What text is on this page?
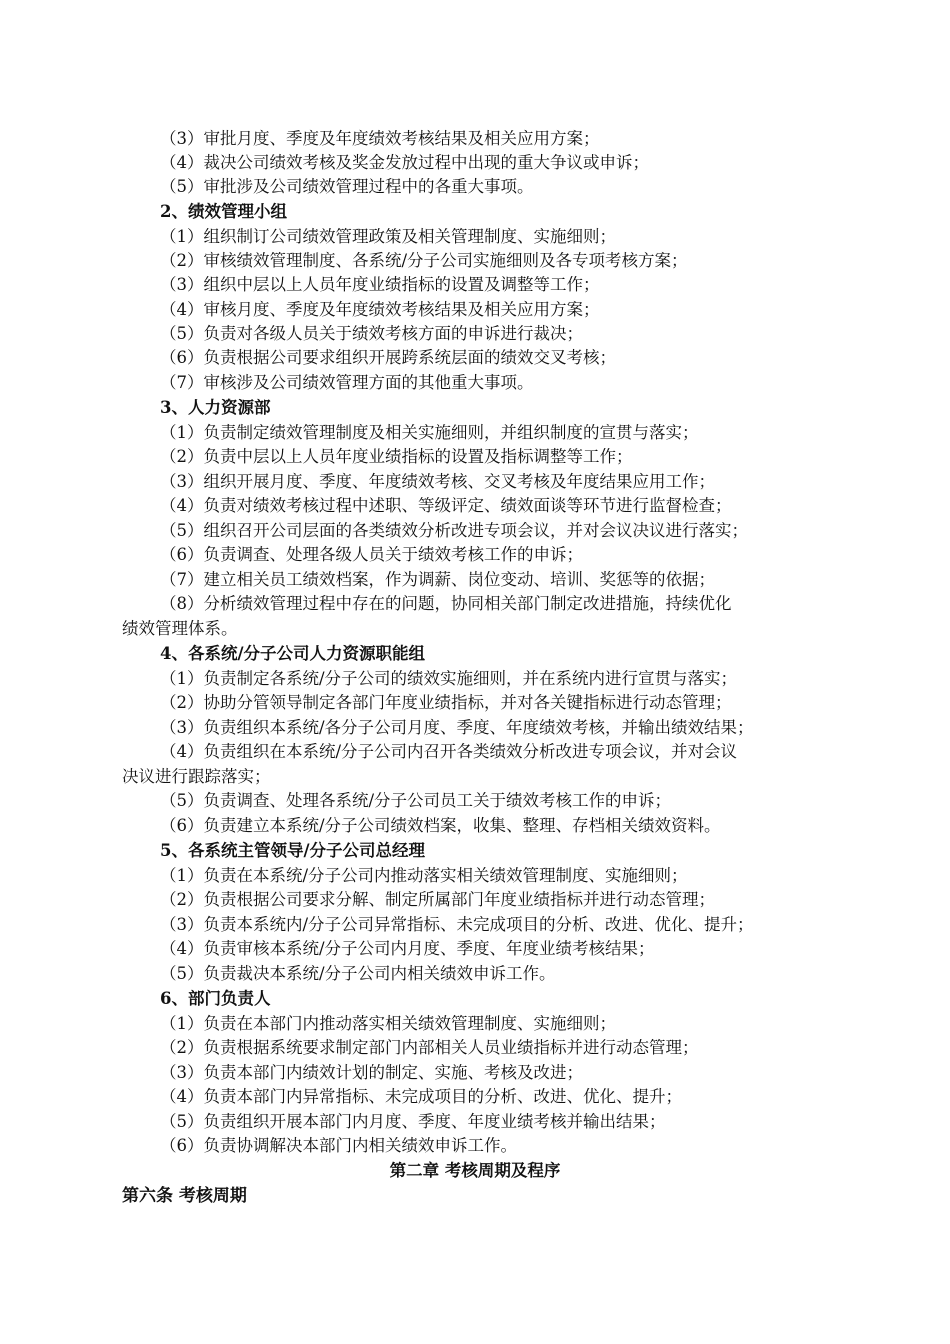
（3）审批月度、季度及年度绩效考核结果及相关应用方案；
（4）裁决公司绩效考核及奖金发放过程中出现的重大争议或申诉；
（5）审批涉及公司绩效管理过程中的各重大事项。
2、绩效管理小组
（1）组织制订公司绩效管理政策及相关管理制度、实施细则；
（2）审核绩效管理制度、各系统/分子公司实施细则及各专项考核方案；
（3）组织中层以上人员年度业绩指标的设置及调整等工作；
（4）审核月度、季度及年度绩效考核结果及相关应用方案；
（5）负责对各级人员关于绩效考核方面的申诉进行裁决；
（6）负责根据公司要求组织开展跨系统层面的绩效交叉考核；
（7）审核涉及公司绩效管理方面的其他重大事项。
3、人力资源部
（1）负责制定绩效管理制度及相关实施细则，并组织制度的宣贯与落实；
（2）负责中层以上人员年度业绩指标的设置及指标调整等工作；
（3）组织开展月度、季度、年度绩效考核、交叉考核及年度结果应用工作；
（4）负责对绩效考核过程中述职、等级评定、绩效面谈等环节进行监督检查；
（5）组织召开公司层面的各类绩效分析改进专项会议，并对会议决议进行落实；
（6）负责调查、处理各级人员关于绩效考核工作的申诉；
（7）建立相关员工绩效档案，作为调薪、岗位变动、培训、奖惩等的依据；
（8）分析绩效管理过程中存在的问题，协同相关部门制定改进措施，持续优化
绩效管理体系。
4、各系统/分子公司人力资源职能组
（1）负责制定各系统/分子公司的绩效实施细则，并在系统内进行宣贯与落实；
（2）协助分管领导制定各部门年度业绩指标，并对各关键指标进行动态管理；
（3）负责组织本系统/各分子公司月度、季度、年度绩效考核，并输出绩效结果；
（4）负责组织在本系统/分子公司内召开各类绩效分析改进专项会议，并对会议
决议进行跟踪落实；
（5）负责调查、处理各系统/分子公司员工关于绩效考核工作的申诉；
（6）负责建立本系统/分子公司绩效档案，收集、整理、存档相关绩效资料。
5、各系统主管领导/分子公司总经理
（1）负责在本系统/分子公司内推动落实相关绩效管理制度、实施细则；
（2）负责根据公司要求分解、制定所属部门年度业绩指标并进行动态管理；
（3）负责本系统内/分子公司异常指标、未完成项目的分析、改进、优化、提升；
（4）负责审核本系统/分子公司内月度、季度、年度业绩考核结果；
（5）负责裁决本系统/分子公司内相关绩效申诉工作。
6、部门负责人
（1）负责在本部门内推动落实相关绩效管理制度、实施细则；
（2）负责根据系统要求制定部门内部相关人员业绩指标并进行动态管理；
（3）负责本部门内绩效计划的制定、实施、考核及改进；
（4）负责本部门内异常指标、未完成项目的分析、改进、优化、提升；
（5）负责组织开展本部门内月度、季度、年度业绩考核并输出结果；
（6）负责协调解决本部门内相关绩效申诉工作。
第二章 考核周期及程序
第六条 考核周期
